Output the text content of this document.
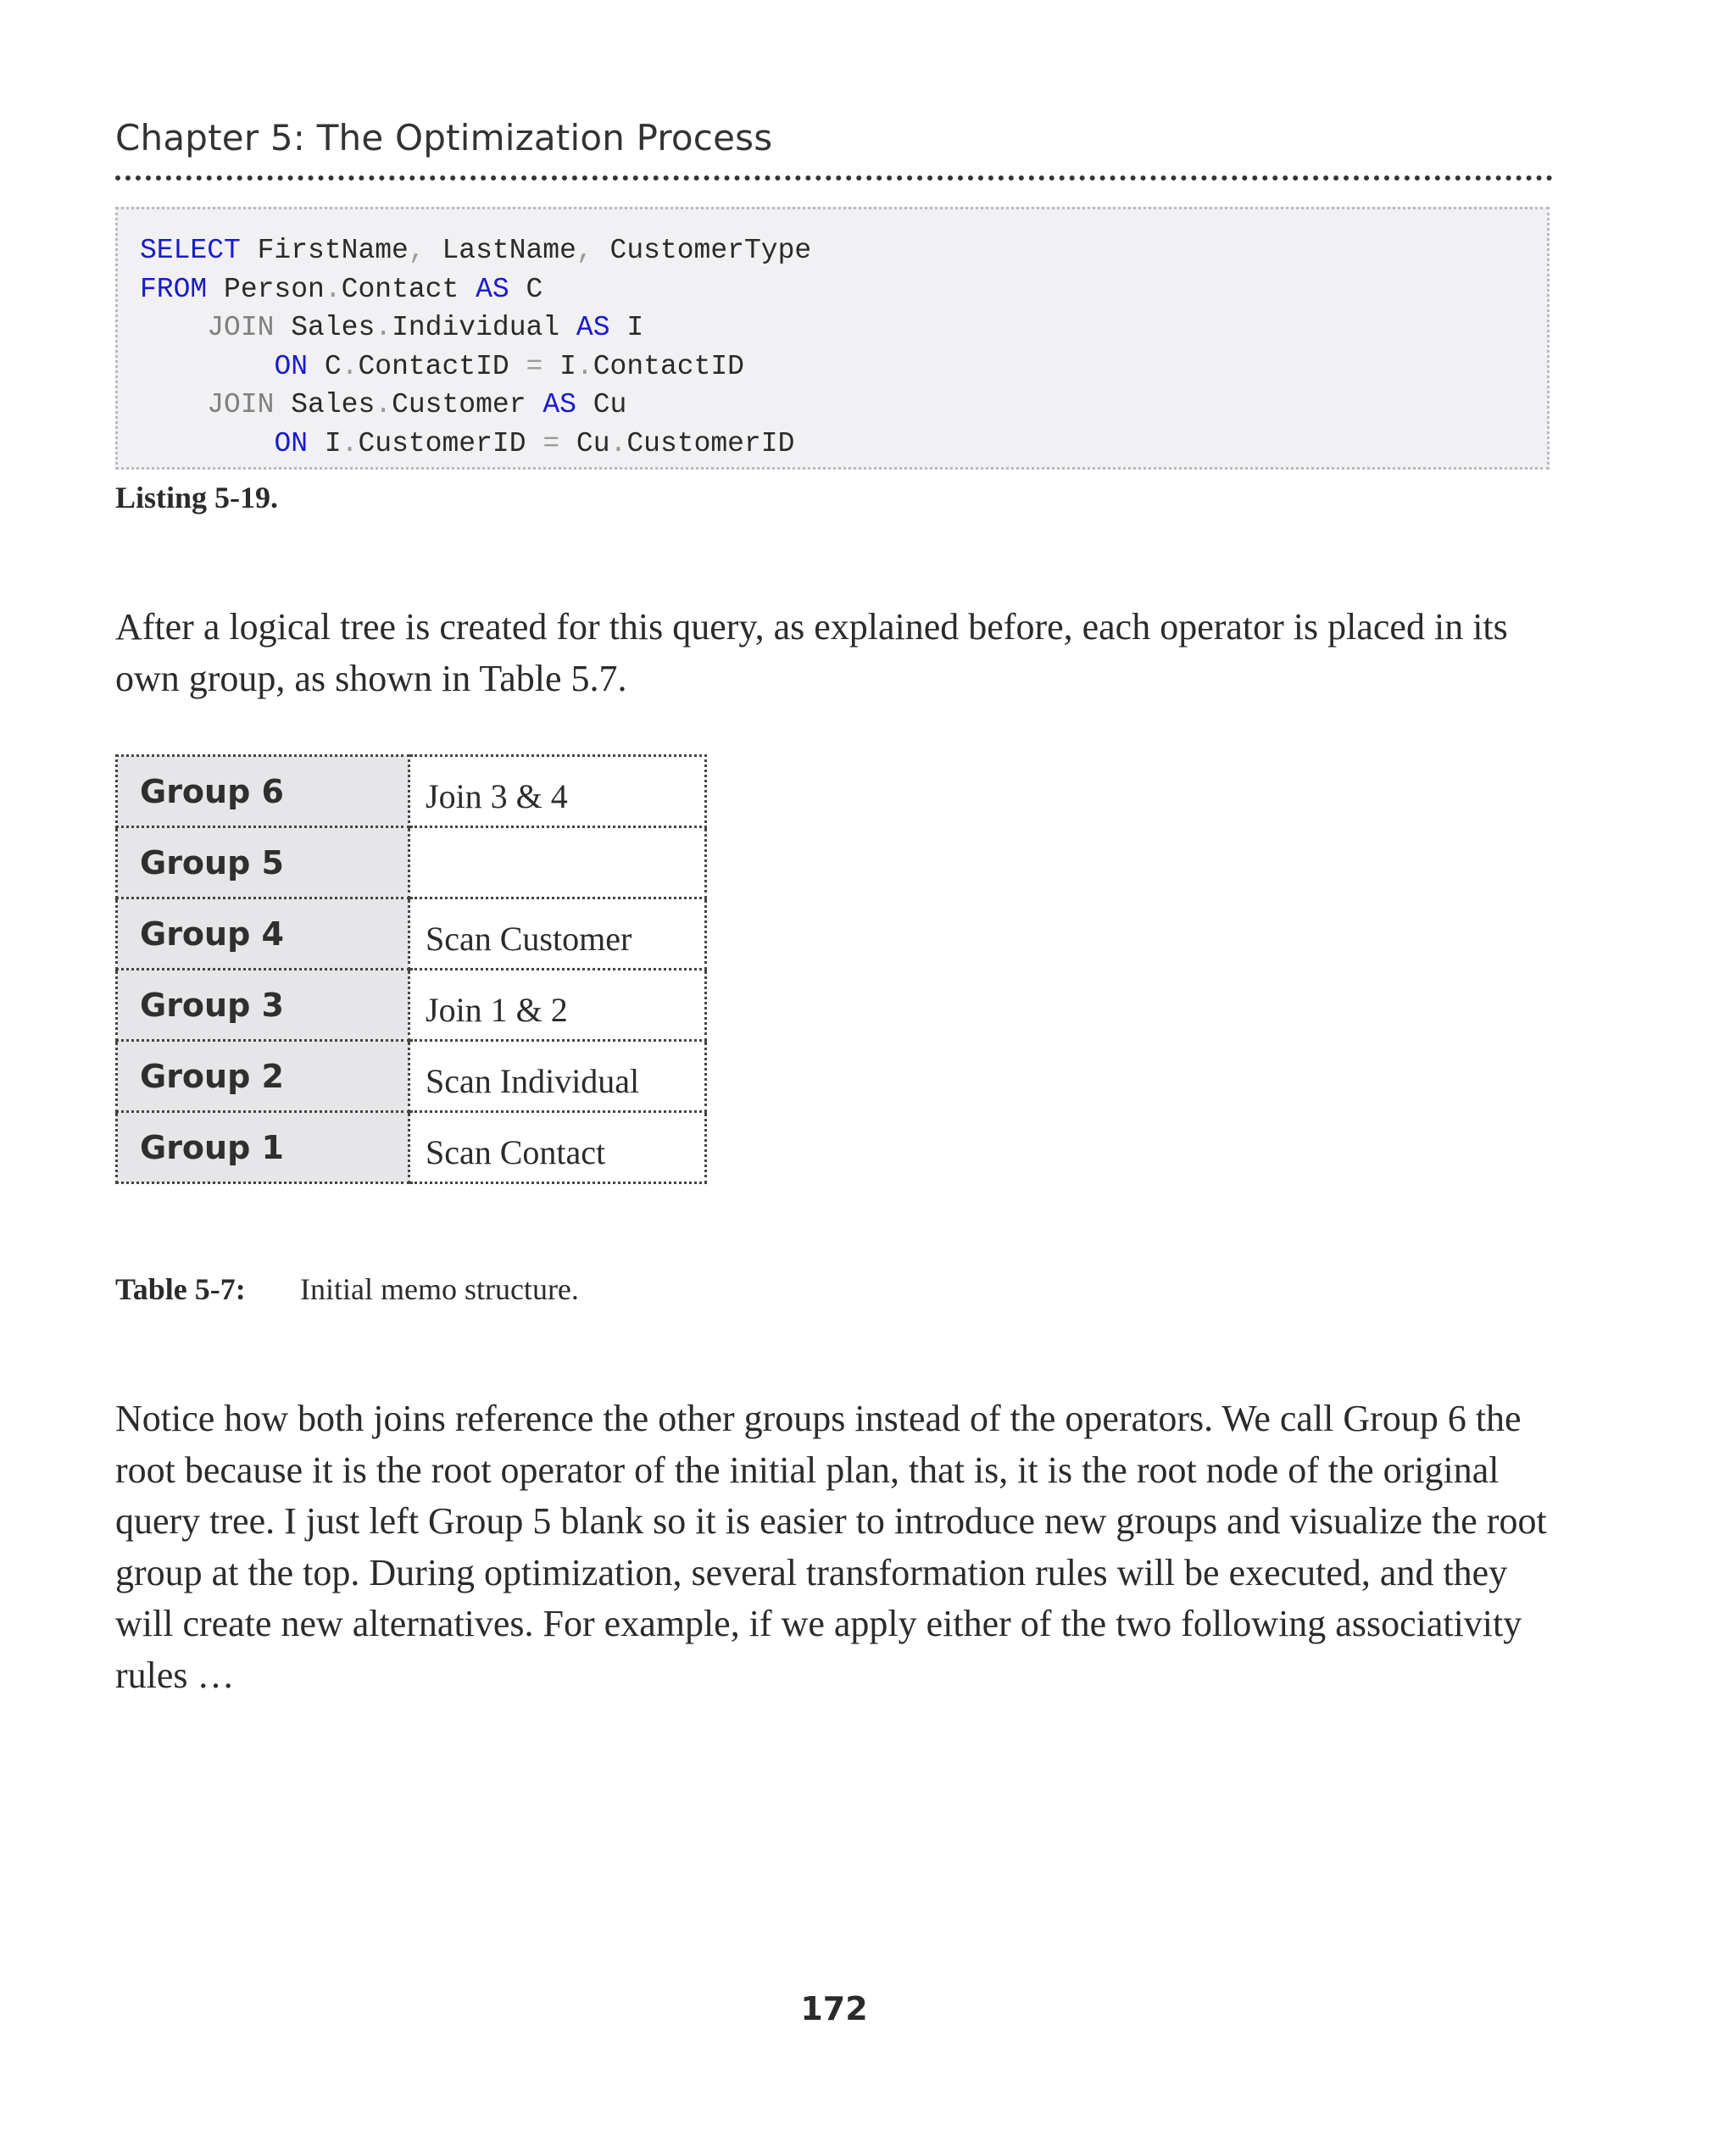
Chapter 5: The Optimization Process
SELECT FirstName, LastName, CustomerType
FROM Person.Contact AS C
JOIN Sales.Individual AS I
ON C.ContactID = I.ContactID
JOIN Sales.Customer AS Cu
ON I.CustomerID = Cu.CustomerID
Listing 5-19.

After a logical tree is created for this query, as explained before, each operator is placed in its own group, as shown in Table 5.7.

Group 6	Join 3 & 4
Group 5	
Group 4	Scan Customer
Group 3	Join 1 & 2
Group 2	Scan Individual
Group 1	Scan Contact
Table 5-7: Initial memo structure.

Notice how both joins reference the other groups instead of the operators. We call Group 6 the root because it is the root operator of the initial plan, that is, it is the root node of the original query tree. I just left Group 5 blank so it is easier to introduce new groups and visualize the root group at the top. During optimization, several transformation rules will be executed, and they will create new alternatives. For example, if we apply either of the two following associativity rules …

172
